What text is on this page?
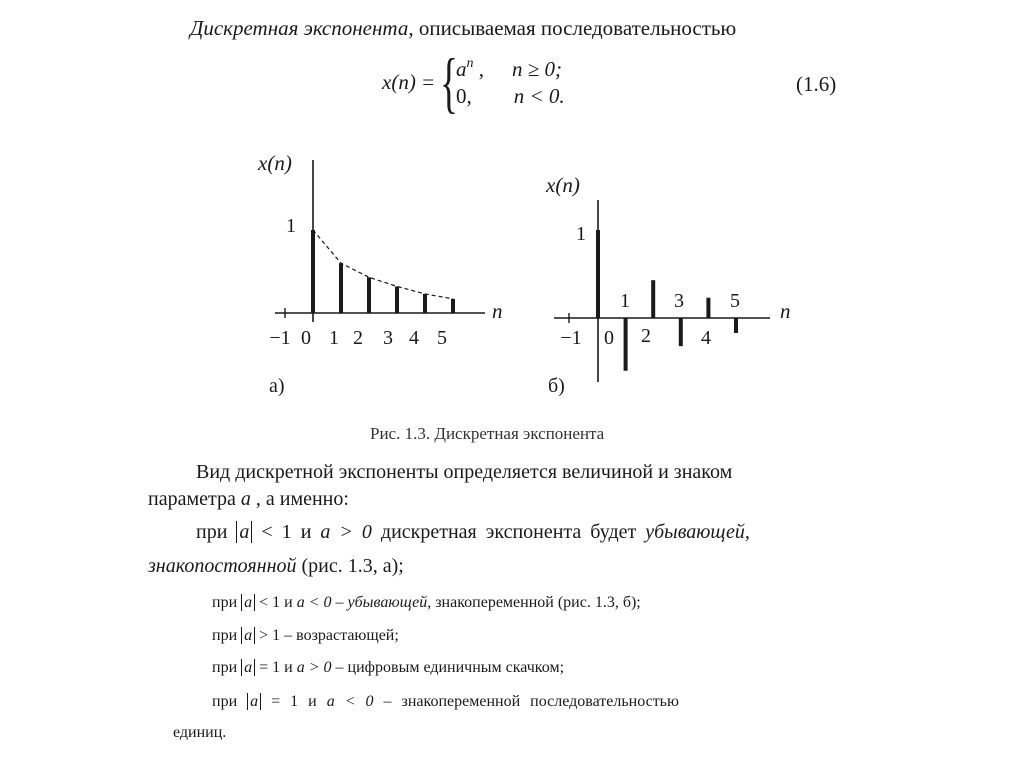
Дискретная экспонента, описываемая последовательностью
x(n) = {
$a^n$ , n ≥ 0;
0, n < 0.	(1.6)
x(n)
1
n
−1 0 1 2 3 4 5
а)
x(n)
1
n
−1 0
1
2
3
4
5
б)
Рис. 1.3. Дискретная экспонента
Вид дискретной экспоненты определяется величиной и знаком
параметра a , а именно:
при a < 1 и a > 0 дискретная экспонента будет убывающей,
знакопостоянной (рис. 1.3, а);
при a < 1 и a < 0 – убывающей, знакопеременной (рис. 1.3, б);
при a > 1 – возрастающей;
при a = 1 и a > 0 – цифровым единичным скачком;
при a = 1 и a < 0 – знакопеременной последовательностью
единиц.
